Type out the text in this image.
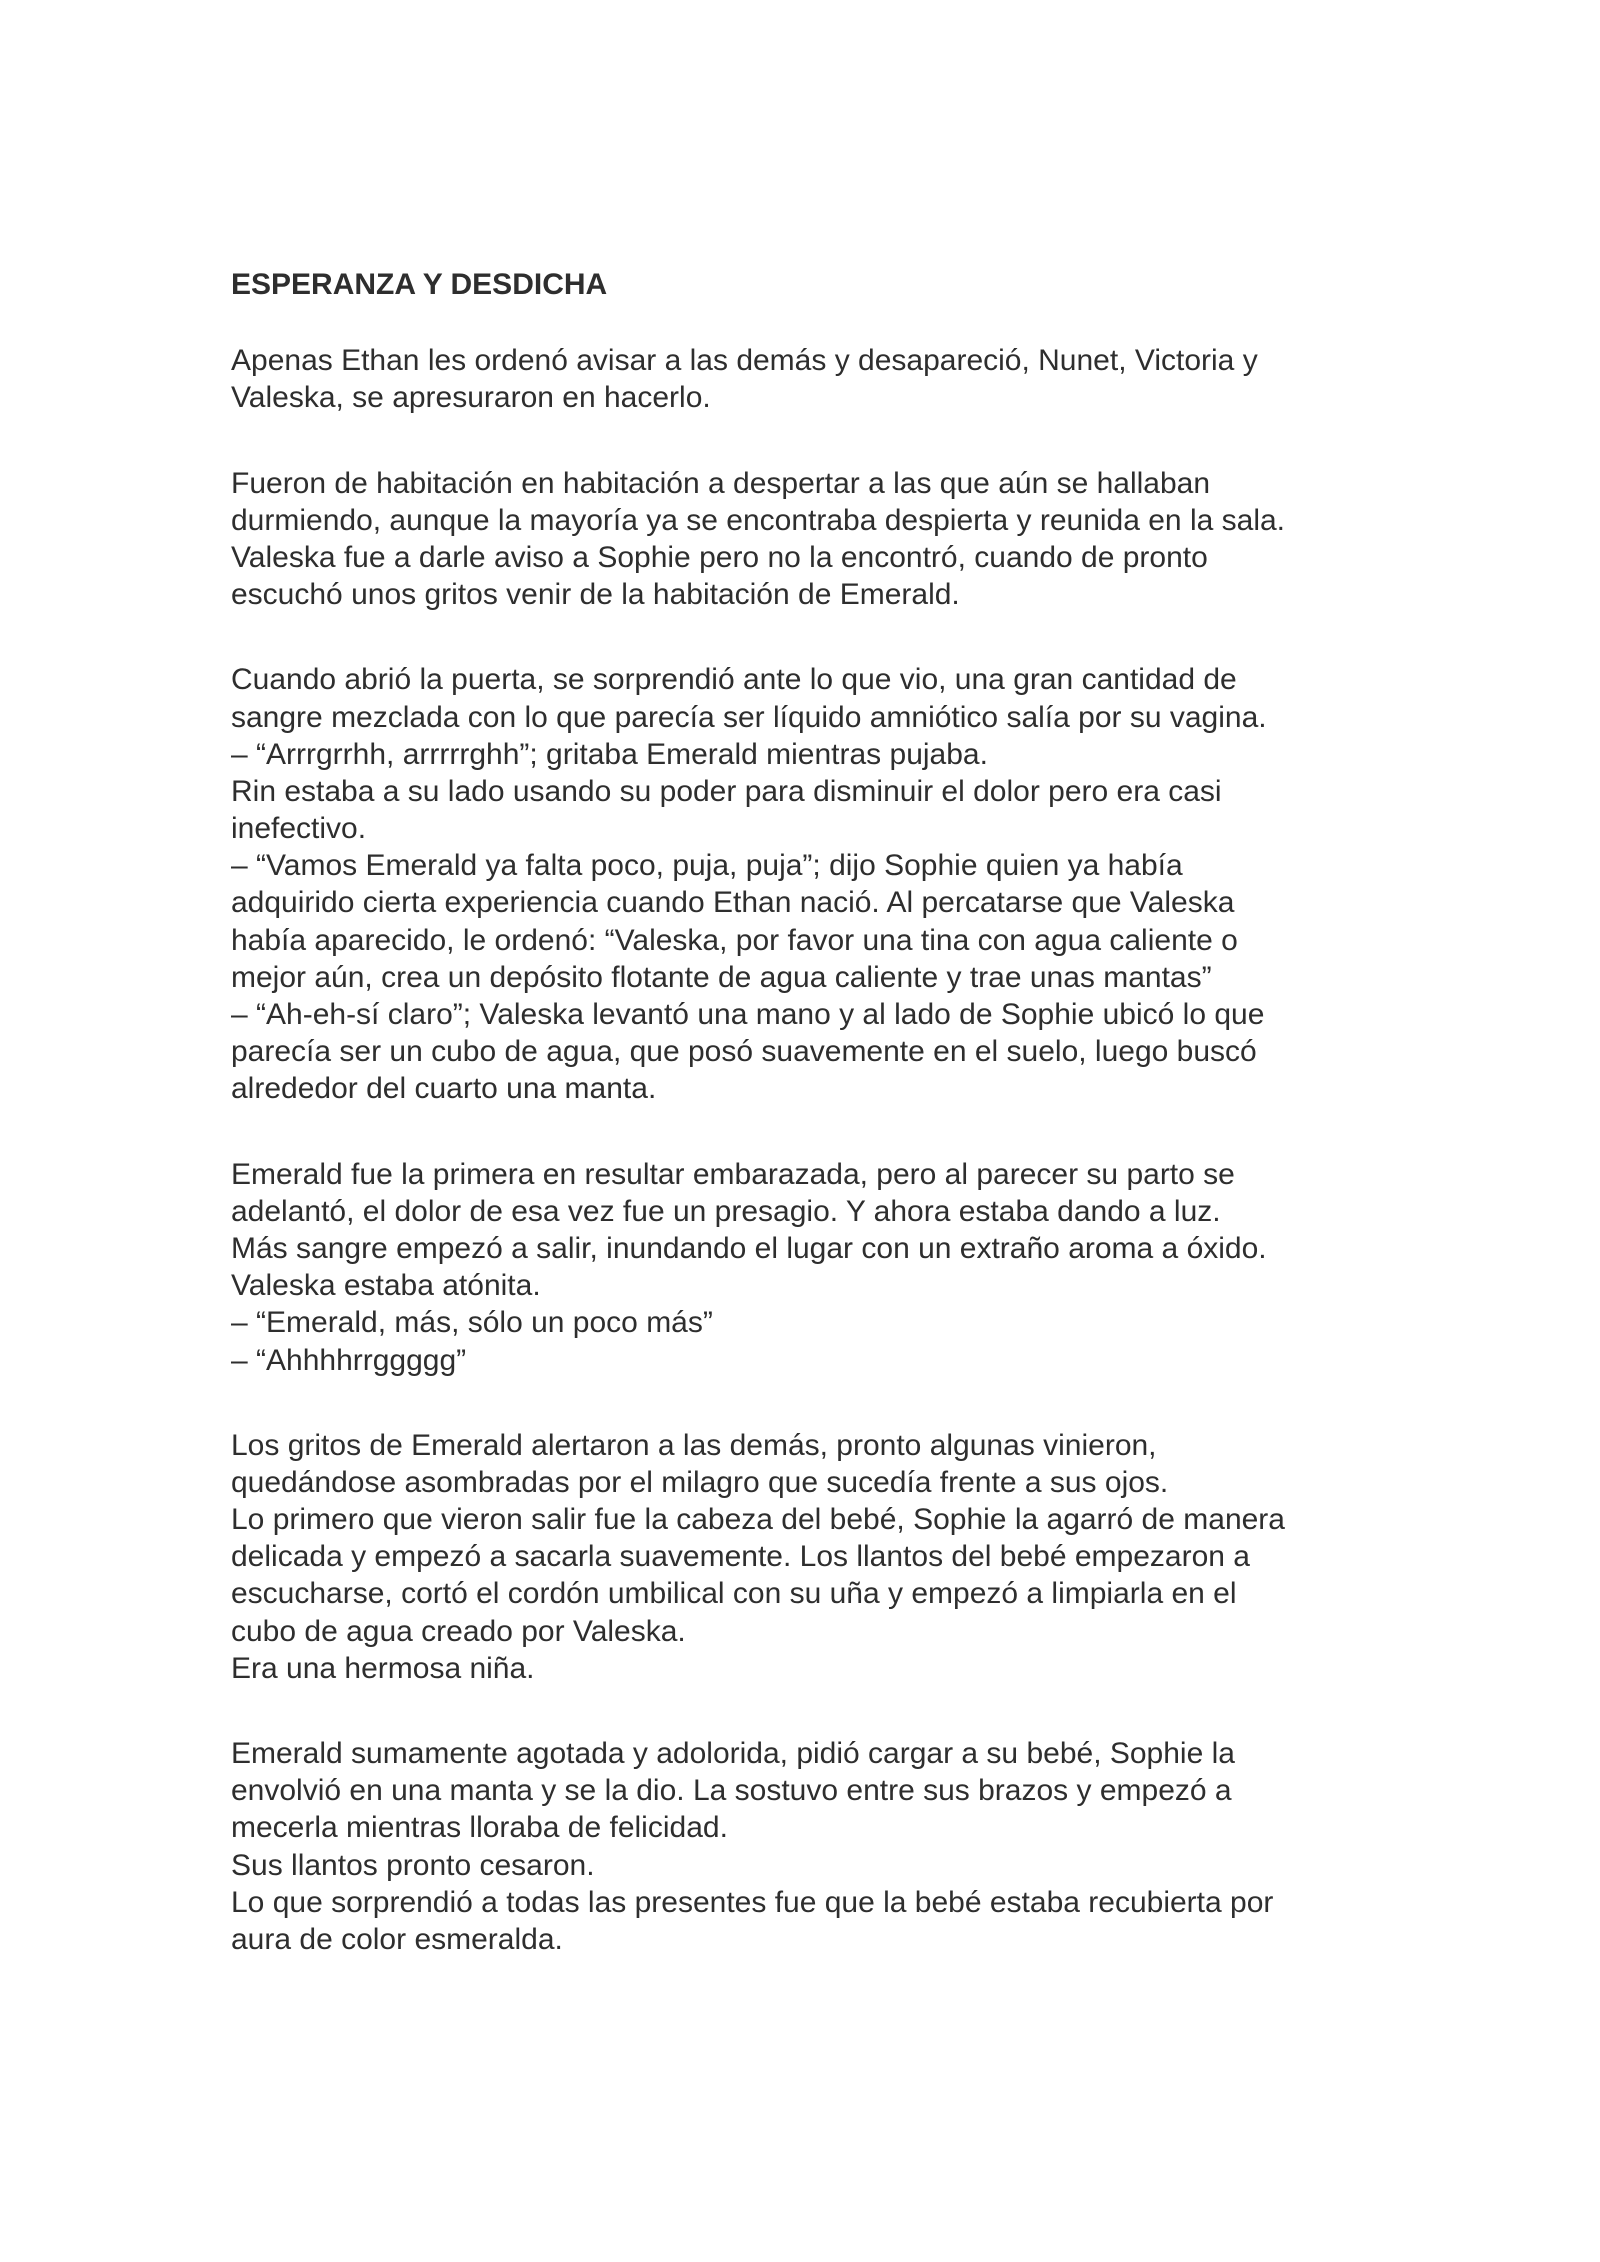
ESPERANZA Y DESDICHA
Apenas Ethan les ordenó avisar a las demás y desapareció, Nunet, Victoria y
Valeska, se apresuraron en hacerlo.
Fueron de habitación en habitación a despertar a las que aún se hallaban
durmiendo, aunque la mayoría ya se encontraba despierta y reunida en la sala.
Valeska fue a darle aviso a Sophie pero no la encontró, cuando de pronto
escuchó unos gritos venir de la habitación de Emerald.
Cuando abrió la puerta, se sorprendió ante lo que vio, una gran cantidad de
sangre mezclada con lo que parecía ser líquido amniótico salía por su vagina.
– “Arrrgrrhh, arrrrrghh”; gritaba Emerald mientras pujaba.
Rin estaba a su lado usando su poder para disminuir el dolor pero era casi
inefectivo.
– “Vamos Emerald ya falta poco, puja, puja”; dijo Sophie quien ya había
adquirido cierta experiencia cuando Ethan nació. Al percatarse que Valeska
había aparecido, le ordenó: “Valeska, por favor una tina con agua caliente o
mejor aún, crea un depósito flotante de agua caliente y trae unas mantas”
– “Ah-eh-sí claro”; Valeska levantó una mano y al lado de Sophie ubicó lo que
parecía ser un cubo de agua, que posó suavemente en el suelo, luego buscó
alrededor del cuarto una manta.
Emerald fue la primera en resultar embarazada, pero al parecer su parto se
adelantó, el dolor de esa vez fue un presagio. Y ahora estaba dando a luz.
Más sangre empezó a salir, inundando el lugar con un extraño aroma a óxido.
Valeska estaba atónita.
– “Emerald, más, sólo un poco más”
– “Ahhhhrrggggg”
Los gritos de Emerald alertaron a las demás, pronto algunas vinieron,
quedándose asombradas por el milagro que sucedía frente a sus ojos.
Lo primero que vieron salir fue la cabeza del bebé, Sophie la agarró de manera
delicada y empezó a sacarla suavemente. Los llantos del bebé empezaron a
escucharse, cortó el cordón umbilical con su uña y empezó a limpiarla en el
cubo de agua creado por Valeska.
Era una hermosa niña.
Emerald sumamente agotada y adolorida, pidió cargar a su bebé, Sophie la
envolvió en una manta y se la dio. La sostuvo entre sus brazos y empezó a
mecerla mientras lloraba de felicidad.
Sus llantos pronto cesaron.
Lo que sorprendió a todas las presentes fue que la bebé estaba recubierta por
aura de color esmeralda.
